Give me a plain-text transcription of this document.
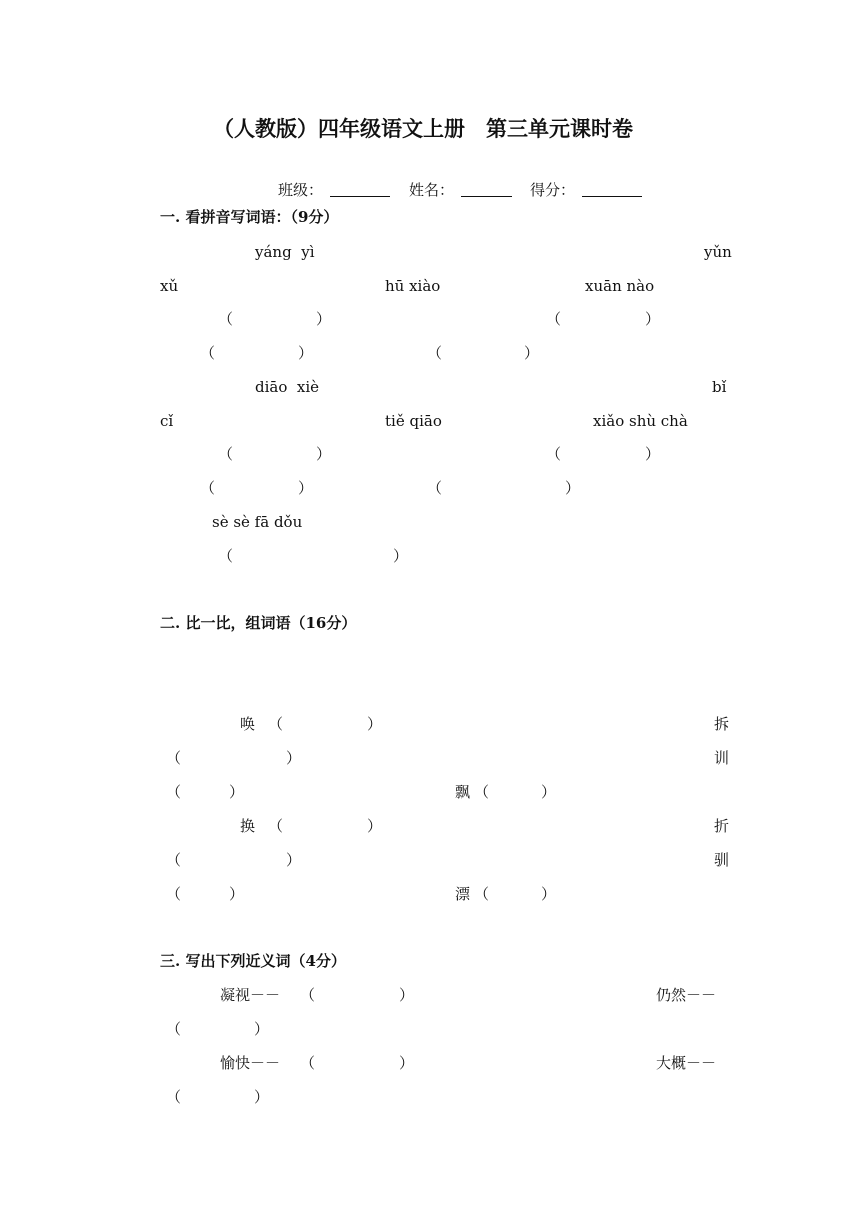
（人教版）四年级语文上册　第三单元课时卷
班级：	姓名：	得分：
一. 看拼音写词语：（9分）
yáng  yì	yǔn
xǔ	hū xiào	xuān nào
（	）	（	）
（	）	（	）
diāo  xiè	bǐ
cǐ	tiě qiāo	xiǎo shù chà
（	）	（	）
（	）	（	）
sè sè fā dǒu
（	）
二. 比一比，组词语（16分）
唤 （	）	拆
（	）	训
（	）	飘 （	）
换 （	）	折
（	）	驯
（	）	漂 （	）
三. 写出下列近义词（4分）
凝视－－ （	）	仍然－－
（	）
愉快－－ （	）	大概－－
（	）
